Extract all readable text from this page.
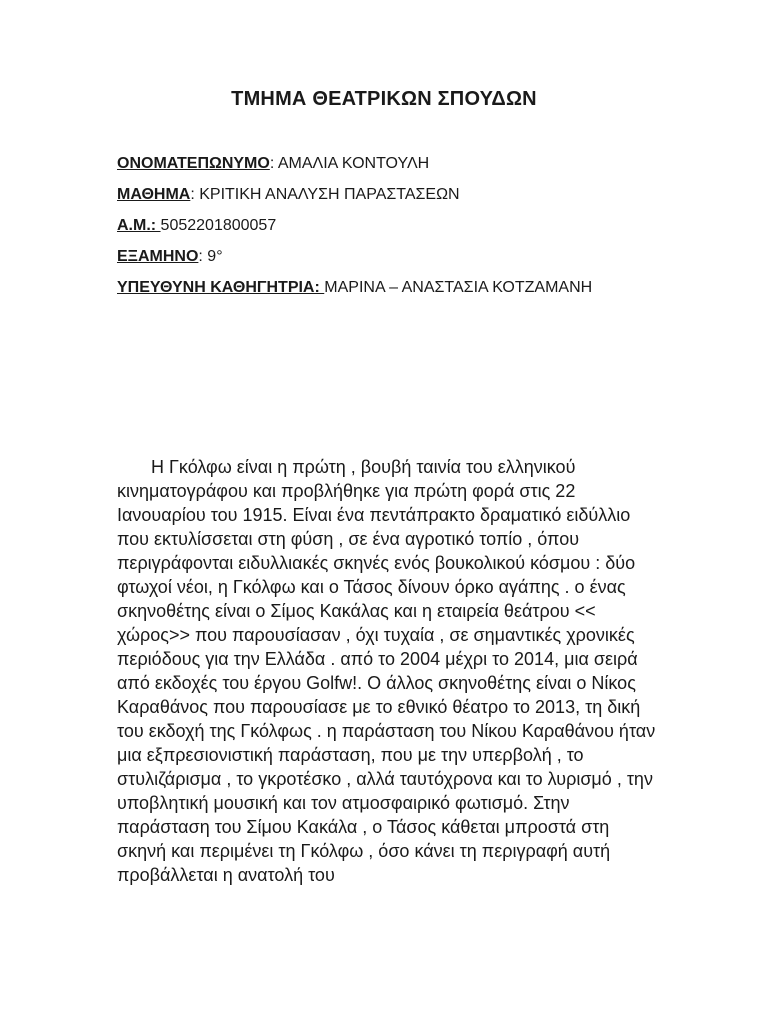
ΤΜΗΜΑ ΘΕΑΤΡΙΚΩΝ ΣΠΟΥΔΩΝ

ΟΝΟΜΑΤΕΠΩΝΥΜΟ: ΑΜΑΛΙΑ ΚΟΝΤΟΥΛΗ

ΜΑΘΗΜΑ: ΚΡΙΤΙΚΗ ΑΝΑΛΥΣΗ ΠΑΡΑΣΤΑΣΕΩΝ

Α.Μ.: 5052201800057

ΕΞΑΜΗΝΟ: 9°

ΥΠΕΥΘΥΝΗ ΚΑΘΗΓΗΤΡΙΑ: ΜΑΡΙΝΑ – ΑΝΑΣΤΑΣΙΑ ΚΟΤΖΑΜΑΝΗ

Η Γκόλφω είναι η πρώτη , βουβή ταινία του ελληνικού κινηματογράφου και προβλήθηκε για πρώτη φορά στις 22 Ιανουαρίου του 1915. Είναι ένα πεντάπρακτο δραματικό ειδύλλιο που εκτυλίσσεται στη φύση , σε ένα αγροτικό τοπίο , όπου περιγράφονται ειδυλλιακές σκηνές ενός βουκολικού κόσμου : δύο φτωχοί νέοι, η Γκόλφω και ο Τάσος δίνουν όρκο αγάπης . ο ένας σκηνοθέτης είναι ο Σίμος Κακάλας και η εταιρεία θεάτρου << χώρος>> που παρουσίασαν , όχι τυχαία , σε σημαντικές χρονικές περιόδους για την Ελλάδα . από το 2004 μέχρι το 2014, μια σειρά από εκδοχές του έργου Golfw!. Ο άλλος σκηνοθέτης είναι ο Νίκος Καραθάνος που παρουσίασε με το εθνικό θέατρο το 2013, τη δική του εκδοχή της Γκόλφως . η παράσταση του Νίκου Καραθάνου ήταν μια εξπρεσιονιστική παράσταση, που με την υπερβολή , το στυλιζάρισμα , το γκροτέσκο , αλλά ταυτόχρονα και το λυρισμό , την υποβλητική μουσική και τον ατμοσφαιρικό φωτισμό. Στην παράσταση του Σίμου Κακάλα , ο Τάσος κάθεται μπροστά στη σκηνή και περιμένει τη Γκόλφω , όσο κάνει τη περιγραφή αυτή προβάλλεται η ανατολή του
